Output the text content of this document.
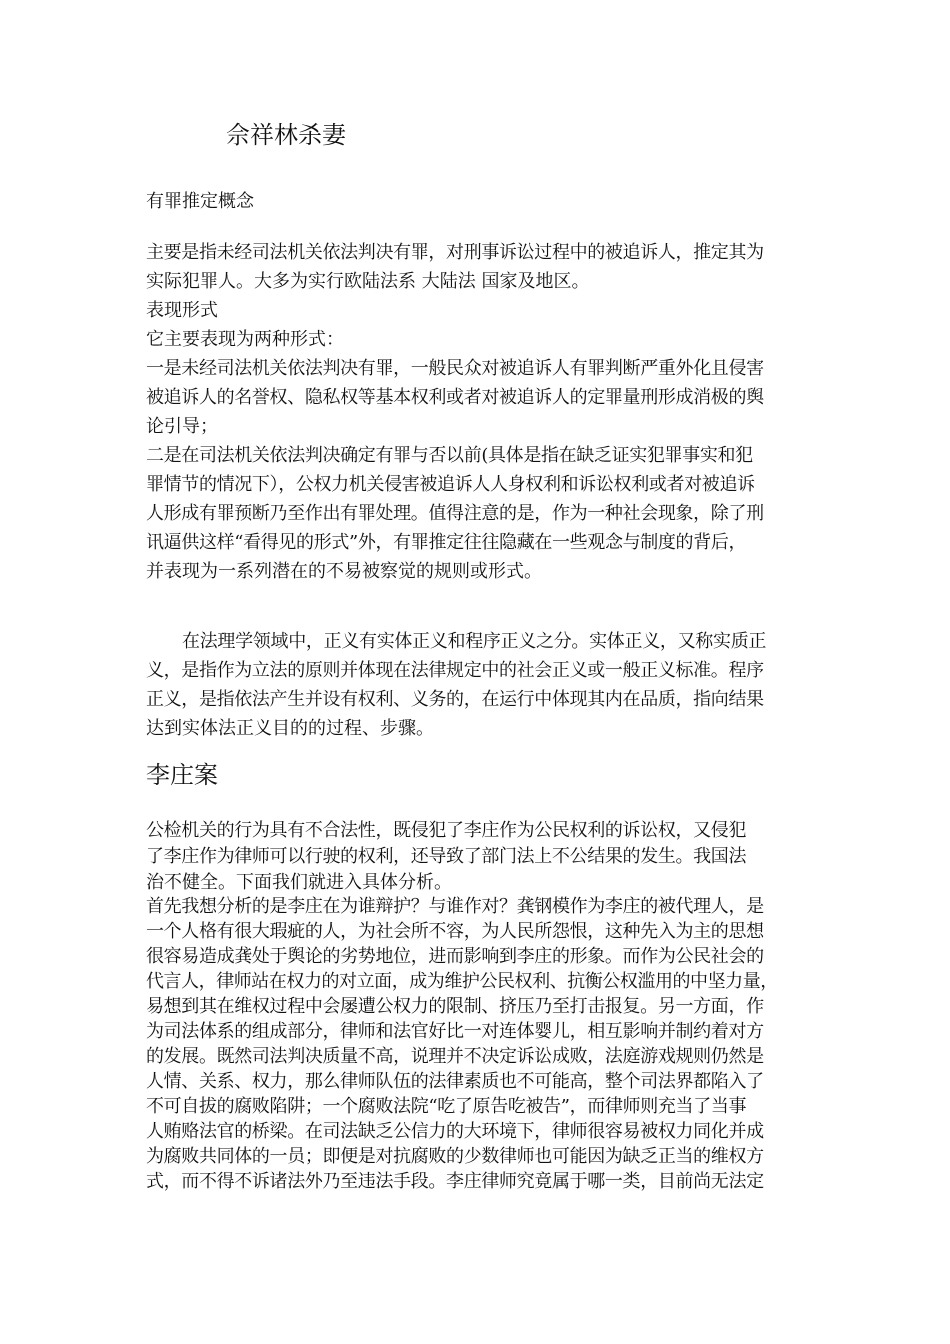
佘祥林杀妻
有罪推定概念
主要是指未经司法机关依法判决有罪，对刑事诉讼过程中的被追诉人，推定其为
实际犯罪人。大多为实行欧陆法系 大陆法 国家及地区。
表现形式
它主要表现为两种形式：
一是未经司法机关依法判决有罪，一般民众对被追诉人有罪判断严重外化且侵害
被追诉人的名誉权、隐私权等基本权利或者对被追诉人的定罪量刑形成消极的舆
论引导；
二是在司法机关依法判决确定有罪与否以前(具体是指在缺乏证实犯罪事实和犯
罪情节的情况下），公权力机关侵害被追诉人人身权利和诉讼权利或者对被追诉
人形成有罪预断乃至作出有罪处理。值得注意的是，作为一种社会现象，除了刑
讯逼供这样“看得见的形式”外，有罪推定往往隐藏在一些观念与制度的背后，
并表现为一系列潜在的不易被察觉的规则或形式。
在法理学领域中，正义有实体正义和程序正义之分。实体正义，又称实质正
义，是指作为立法的原则并体现在法律规定中的社会正义或一般正义标准。程序
正义，是指依法产生并设有权利、义务的，在运行中体现其内在品质，指向结果
达到实体法正义目的的过程、步骤。
李庄案
公检机关的行为具有不合法性，既侵犯了李庄作为公民权利的诉讼权，又侵犯
了李庄作为律师可以行驶的权利，还导致了部门法上不公结果的发生。我国法
治不健全。下面我们就进入具体分析。
首先我想分析的是李庄在为谁辩护？与谁作对？龚钢模作为李庄的被代理人，是
一个人格有很大瑕疵的人，为社会所不容，为人民所怨恨，这种先入为主的思想
很容易造成龚处于舆论的劣势地位，进而影响到李庄的形象。而作为公民社会的
代言人，律师站在权力的对立面，成为维护公民权利、抗衡公权滥用的中坚力量，
易想到其在维权过程中会屡遭公权力的限制、挤压乃至打击报复。另一方面，作
为司法体系的组成部分，律师和法官好比一对连体婴儿，相互影响并制约着对方
的发展。既然司法判决质量不高，说理并不决定诉讼成败，法庭游戏规则仍然是
人情、关系、权力，那么律师队伍的法律素质也不可能高，整个司法界都陷入了
不可自拔的腐败陷阱；一个腐败法院“吃了原告吃被告”，而律师则充当了当事
人贿赂法官的桥梁。在司法缺乏公信力的大环境下，律师很容易被权力同化并成
为腐败共同体的一员；即便是对抗腐败的少数律师也可能因为缺乏正当的维权方
式，而不得不诉诸法外乃至违法手段。李庄律师究竟属于哪一类，目前尚无法定
